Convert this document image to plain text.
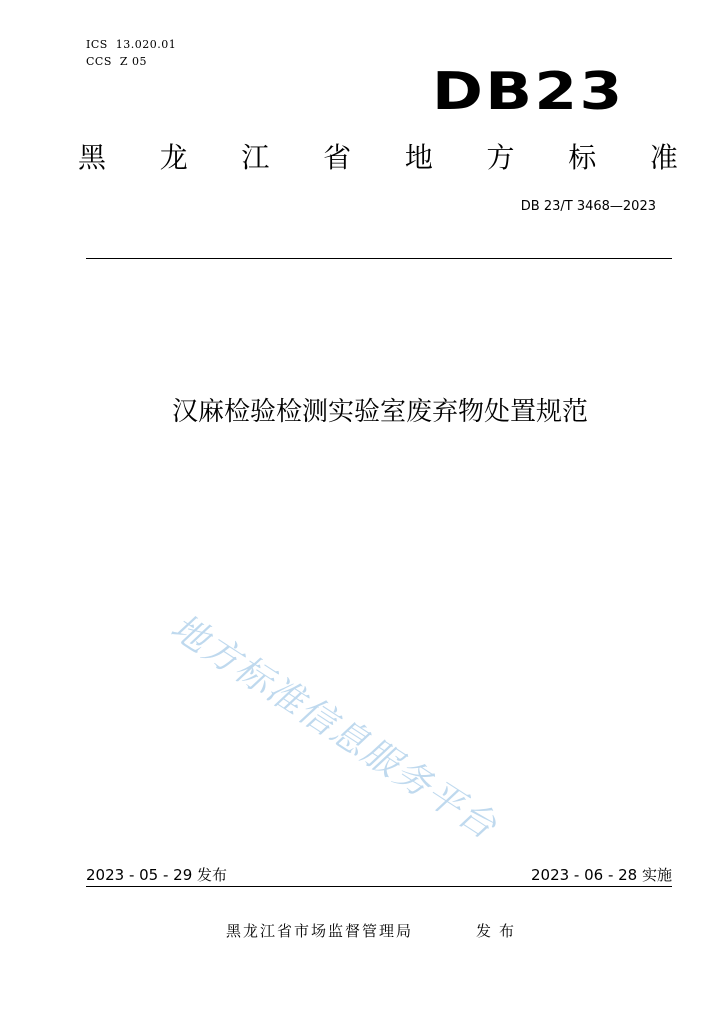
ICS  13.020.01
CCS  Z 05
DB23
黑 龙 江 省 地 方 标 准
DB 23/T 3468—2023
汉麻检验检测实验室废弃物处置规范
地方标准信息服务平台
2023 - 05 - 29 发布	2023 - 06 - 28 实施
黑龙江省市场监督管理局	发布
